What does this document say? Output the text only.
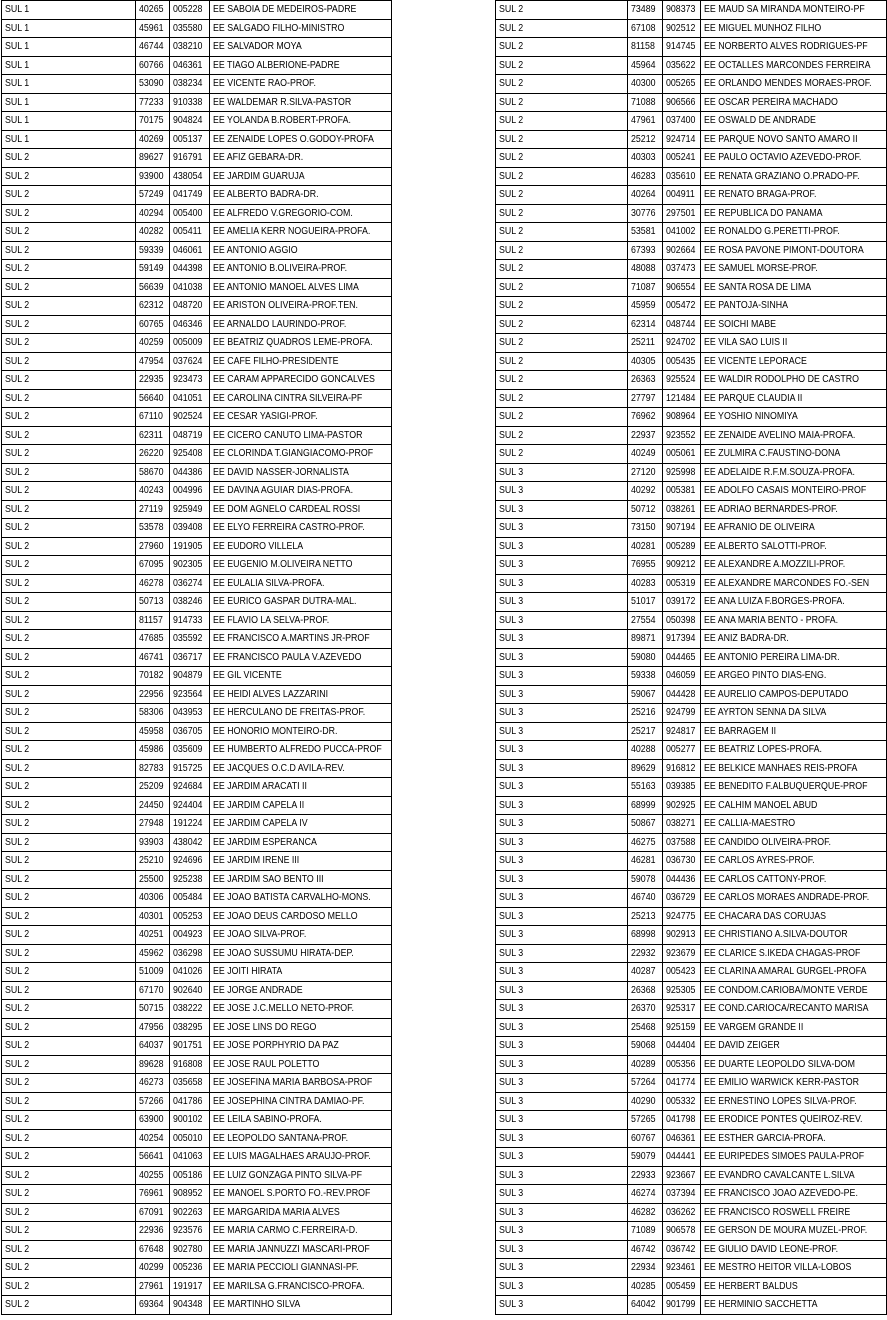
SUL 1	40265	005228	EE SABOIA DE MEDEIROS-PADRE
SUL 1	45961	035580	EE SALGADO FILHO-MINISTRO
SUL 1	46744	038210	EE SALVADOR MOYA
SUL 1	60766	046361	EE TIAGO ALBERIONE-PADRE
SUL 1	53090	038234	EE VICENTE RAO-PROF.
SUL 1	77233	910338	EE WALDEMAR R.SILVA-PASTOR
SUL 1	70175	904824	EE YOLANDA B.ROBERT-PROFA.
SUL 1	40269	005137	EE ZENAIDE LOPES O.GODOY-PROFA
SUL 2	89627	916791	EE AFIZ GEBARA-DR.
SUL 2	93900	438054	EE JARDIM GUARUJA
SUL 2	57249	041749	EE ALBERTO BADRA-DR.
SUL 2	40294	005400	EE ALFREDO V.GREGORIO-COM.
SUL 2	40282	005411	EE AMELIA KERR NOGUEIRA-PROFA.
SUL 2	59339	046061	EE ANTONIO AGGIO
SUL 2	59149	044398	EE ANTONIO B.OLIVEIRA-PROF.
SUL 2	56639	041038	EE ANTONIO MANOEL ALVES LIMA
SUL 2	62312	048720	EE ARISTON OLIVEIRA-PROF.TEN.
SUL 2	60765	046346	EE ARNALDO LAURINDO-PROF.
SUL 2	40259	005009	EE BEATRIZ QUADROS LEME-PROFA.
SUL 2	47954	037624	EE CAFE FILHO-PRESIDENTE
SUL 2	22935	923473	EE CARAM APPARECIDO GONCALVES
SUL 2	56640	041051	EE CAROLINA CINTRA SILVEIRA-PF
SUL 2	67110	902524	EE CESAR YASIGI-PROF.
SUL 2	62311	048719	EE CICERO CANUTO LIMA-PASTOR
SUL 2	26220	925408	EE CLORINDA T.GIANGIACOMO-PROF
SUL 2	58670	044386	EE DAVID NASSER-JORNALISTA
SUL 2	40243	004996	EE DAVINA AGUIAR DIAS-PROFA.
SUL 2	27119	925949	EE DOM AGNELO CARDEAL ROSSI
SUL 2	53578	039408	EE ELYO FERREIRA CASTRO-PROF.
SUL 2	27960	191905	EE EUDORO VILLELA
SUL 2	67095	902305	EE EUGENIO M.OLIVEIRA NETTO
SUL 2	46278	036274	EE EULALIA SILVA-PROFA.
SUL 2	50713	038246	EE EURICO GASPAR DUTRA-MAL.
SUL 2	81157	914733	EE FLAVIO LA SELVA-PROF.
SUL 2	47685	035592	EE FRANCISCO A.MARTINS JR-PROF
SUL 2	46741	036717	EE FRANCISCO PAULA V.AZEVEDO
SUL 2	70182	904879	EE GIL VICENTE
SUL 2	22956	923564	EE HEIDI ALVES LAZZARINI
SUL 2	58306	043953	EE HERCULANO DE FREITAS-PROF.
SUL 2	45958	036705	EE HONORIO MONTEIRO-DR.
SUL 2	45986	035609	EE HUMBERTO ALFREDO PUCCA-PROF
SUL 2	82783	915725	EE JACQUES O.C.D AVILA-REV.
SUL 2	25209	924684	EE JARDIM ARACATI II
SUL 2	24450	924404	EE JARDIM CAPELA II
SUL 2	27948	191224	EE JARDIM CAPELA IV
SUL 2	93903	438042	EE JARDIM ESPERANCA
SUL 2	25210	924696	EE JARDIM IRENE III
SUL 2	25500	925238	EE JARDIM SAO BENTO III
SUL 2	40306	005484	EE JOAO BATISTA CARVALHO-MONS.
SUL 2	40301	005253	EE JOAO DEUS CARDOSO MELLO
SUL 2	40251	004923	EE JOAO SILVA-PROF.
SUL 2	45962	036298	EE JOAO SUSSUMU HIRATA-DEP.
SUL 2	51009	041026	EE JOITI HIRATA
SUL 2	67170	902640	EE JORGE ANDRADE
SUL 2	50715	038222	EE JOSE J.C.MELLO NETO-PROF.
SUL 2	47956	038295	EE JOSE LINS DO REGO
SUL 2	64037	901751	EE JOSE PORPHYRIO DA PAZ
SUL 2	89628	916808	EE JOSE RAUL POLETTO
SUL 2	46273	035658	EE JOSEFINA MARIA BARBOSA-PROF
SUL 2	57266	041786	EE JOSEPHINA CINTRA DAMIAO-PF.
SUL 2	63900	900102	EE LEILA SABINO-PROFA.
SUL 2	40254	005010	EE LEOPOLDO SANTANA-PROF.
SUL 2	56641	041063	EE LUIS MAGALHAES ARAUJO-PROF.
SUL 2	40255	005186	EE LUIZ GONZAGA PINTO SILVA-PF
SUL 2	76961	908952	EE MANOEL S.PORTO FO.-REV.PROF
SUL 2	67091	902263	EE MARGARIDA MARIA ALVES
SUL 2	22936	923576	EE MARIA CARMO C.FERREIRA-D.
SUL 2	67648	902780	EE MARIA JANNUZZI MASCARI-PROF
SUL 2	40299	005236	EE MARIA PECCIOLI GIANNASI-PF.
SUL 2	27961	191917	EE MARILSA G.FRANCISCO-PROFA.
SUL 2	69364	904348	EE MARTINHO SILVA
SUL 2	73489	908373	EE MAUD SA MIRANDA MONTEIRO-PF
SUL 2	67108	902512	EE MIGUEL MUNHOZ FILHO
SUL 2	81158	914745	EE NORBERTO ALVES RODRIGUES-PF
SUL 2	45964	035622	EE OCTALLES MARCONDES FERREIRA
SUL 2	40300	005265	EE ORLANDO MENDES MORAES-PROF.
SUL 2	71088	906566	EE OSCAR PEREIRA MACHADO
SUL 2	47961	037400	EE OSWALD DE ANDRADE
SUL 2	25212	924714	EE PARQUE NOVO SANTO AMARO II
SUL 2	40303	005241	EE PAULO OCTAVIO AZEVEDO-PROF.
SUL 2	46283	035610	EE RENATA GRAZIANO O.PRADO-PF.
SUL 2	40264	004911	EE RENATO BRAGA-PROF.
SUL 2	30776	297501	EE REPUBLICA DO PANAMA
SUL 2	53581	041002	EE RONALDO G.PERETTI-PROF.
SUL 2	67393	902664	EE ROSA PAVONE PIMONT-DOUTORA
SUL 2	48088	037473	EE SAMUEL MORSE-PROF.
SUL 2	71087	906554	EE SANTA ROSA DE LIMA
SUL 2	45959	005472	EE PANTOJA-SINHA
SUL 2	62314	048744	EE SOICHI MABE
SUL 2	25211	924702	EE VILA SAO LUIS II
SUL 2	40305	005435	EE VICENTE LEPORACE
SUL 2	26363	925524	EE WALDIR RODOLPHO DE CASTRO
SUL 2	27797	121484	EE PARQUE CLAUDIA II
SUL 2	76962	908964	EE YOSHIO NINOMIYA
SUL 2	22937	923552	EE ZENAIDE AVELINO MAIA-PROFA.
SUL 2	40249	005061	EE ZULMIRA C.FAUSTINO-DONA
SUL 3	27120	925998	EE ADELAIDE R.F.M.SOUZA-PROFA.
SUL 3	40292	005381	EE ADOLFO CASAIS MONTEIRO-PROF
SUL 3	50712	038261	EE ADRIAO BERNARDES-PROF.
SUL 3	73150	907194	EE AFRANIO DE OLIVEIRA
SUL 3	40281	005289	EE ALBERTO SALOTTI-PROF.
SUL 3	76955	909212	EE ALEXANDRE A.MOZZILI-PROF.
SUL 3	40283	005319	EE ALEXANDRE MARCONDES FO.-SEN
SUL 3	51017	039172	EE ANA LUIZA F.BORGES-PROFA.
SUL 3	27554	050398	EE ANA MARIA BENTO - PROFA.
SUL 3	89871	917394	EE ANIZ BADRA-DR.
SUL 3	59080	044465	EE ANTONIO PEREIRA LIMA-DR.
SUL 3	59338	046059	EE ARGEO PINTO DIAS-ENG.
SUL 3	59067	044428	EE AURELIO CAMPOS-DEPUTADO
SUL 3	25216	924799	EE AYRTON SENNA DA SILVA
SUL 3	25217	924817	EE BARRAGEM II
SUL 3	40288	005277	EE BEATRIZ LOPES-PROFA.
SUL 3	89629	916812	EE BELKICE MANHAES REIS-PROFA
SUL 3	55163	039385	EE BENEDITO F.ALBUQUERQUE-PROF
SUL 3	68999	902925	EE CALHIM MANOEL ABUD
SUL 3	50867	038271	EE CALLIA-MAESTRO
SUL 3	46275	037588	EE CANDIDO OLIVEIRA-PROF.
SUL 3	46281	036730	EE CARLOS AYRES-PROF.
SUL 3	59078	044436	EE CARLOS CATTONY-PROF.
SUL 3	46740	036729	EE CARLOS MORAES ANDRADE-PROF.
SUL 3	25213	924775	EE CHACARA DAS CORUJAS
SUL 3	68998	902913	EE CHRISTIANO A.SILVA-DOUTOR
SUL 3	22932	923679	EE CLARICE S.IKEDA CHAGAS-PROF
SUL 3	40287	005423	EE CLARINA AMARAL GURGEL-PROFA
SUL 3	26368	925305	EE CONDOM.CARIOBA/MONTE VERDE
SUL 3	26370	925317	EE COND.CARIOCA/RECANTO MARISA
SUL 3	25468	925159	EE VARGEM GRANDE II
SUL 3	59068	044404	EE DAVID ZEIGER
SUL 3	40289	005356	EE DUARTE LEOPOLDO SILVA-DOM
SUL 3	57264	041774	EE EMILIO WARWICK KERR-PASTOR
SUL 3	40290	005332	EE ERNESTINO LOPES SILVA-PROF.
SUL 3	57265	041798	EE ERODICE PONTES QUEIROZ-REV.
SUL 3	60767	046361	EE ESTHER GARCIA-PROFA.
SUL 3	59079	044441	EE EURIPEDES SIMOES PAULA-PROF
SUL 3	22933	923667	EE EVANDRO CAVALCANTE L.SILVA
SUL 3	46274	037394	EE FRANCISCO JOAO AZEVEDO-PE.
SUL 3	46282	036262	EE FRANCISCO ROSWELL FREIRE
SUL 3	71089	906578	EE GERSON DE MOURA MUZEL-PROF.
SUL 3	46742	036742	EE GIULIO DAVID LEONE-PROF.
SUL 3	22934	923461	EE MESTRO HEITOR VILLA-LOBOS
SUL 3	40285	005459	EE HERBERT BALDUS
SUL 3	64042	901799	EE HERMINIO SACCHETTA
